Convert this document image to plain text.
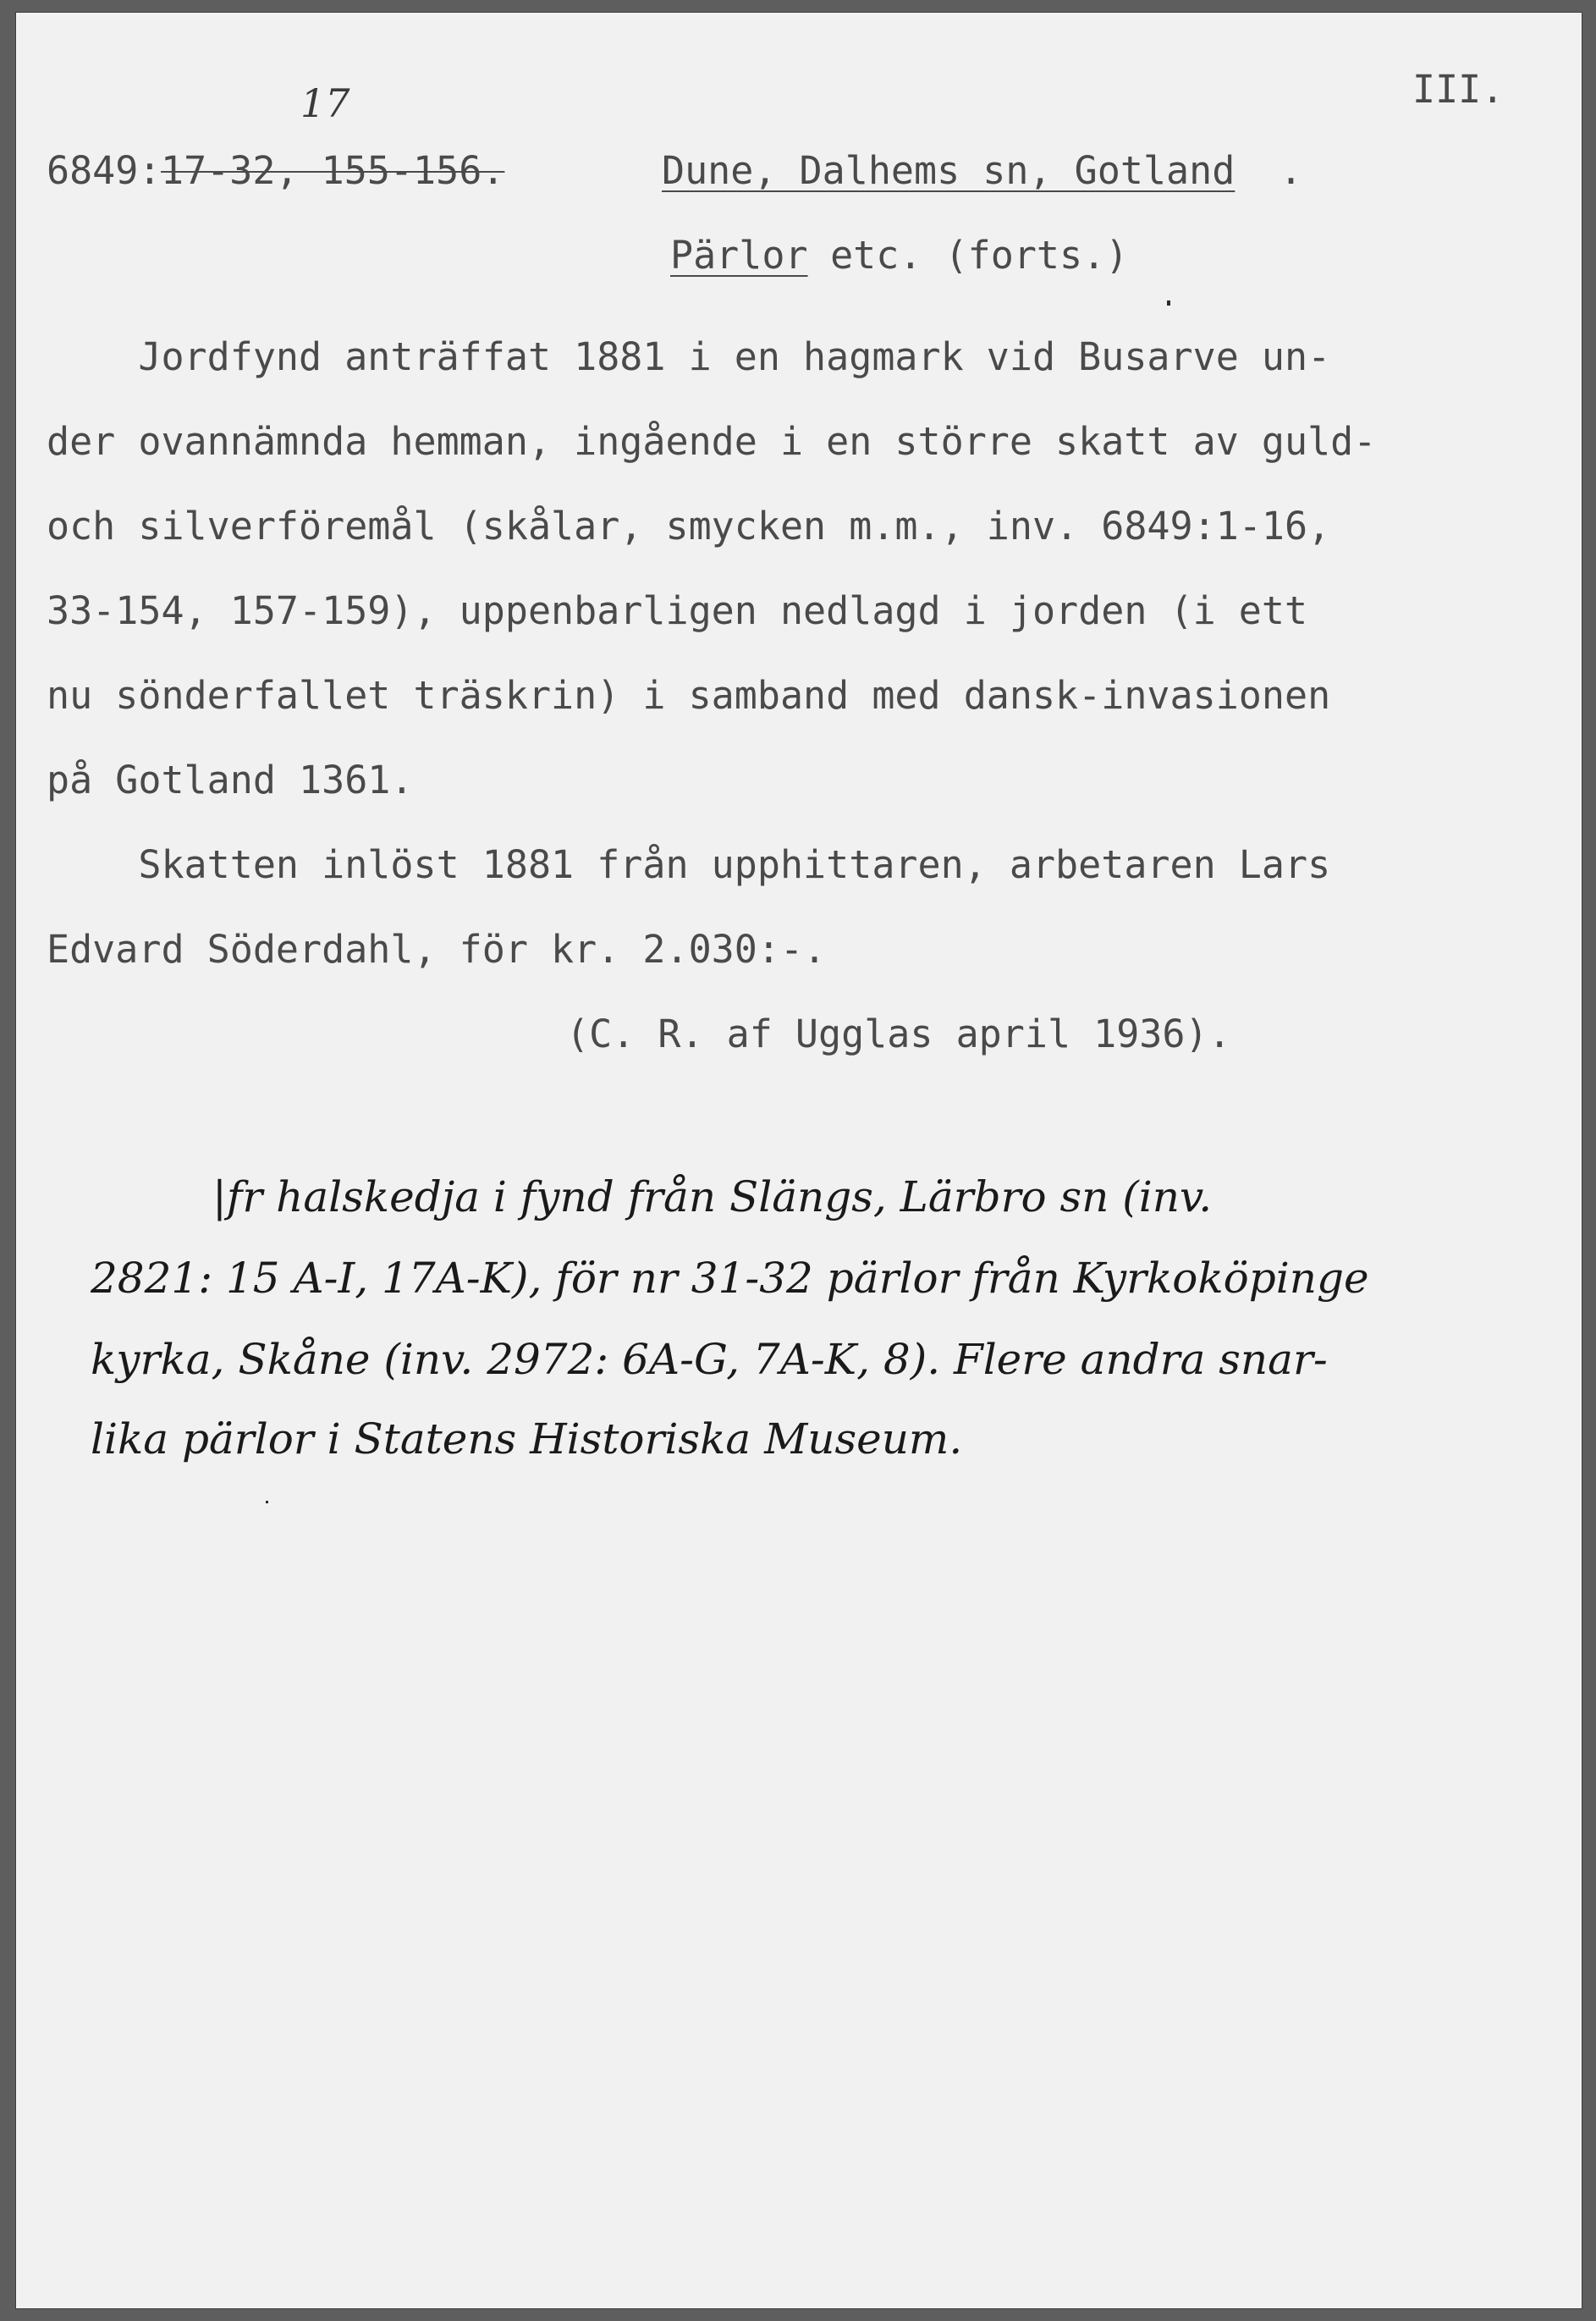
III.
17
6849: 17-32, 155-156.	Dune, Dalhems sn, Gotland .
Pärlor etc. (forts.)
Jordfynd anträffat 1881 i en hagmark vid Busarve un-
der ovannämnda hemman, ingående i en större skatt av guld-
och silverföremål (skålar, smycken m.m., inv. 6849:1-16,
33-154, 157-159), uppenbarligen nedlagd i jorden (i ett
nu sönderfallet träskrin) i samband med dansk-invasionen
på Gotland 1361.
Skatten inlöst 1881 från upphittaren, arbetaren Lars
Edvard Söderdahl, för kr. 2.030:-.
(C. R. af Ugglas april 1936).
|fr halskedja i fynd från Slängs, Lärbro sn (inv.
2821: 15 A-I, 17A-K), för nr 31-32 pärlor från Kyrkoköpinge
kyrka, Skåne (inv. 2972: 6A-G, 7A-K, 8). Flere andra snar-
lika pärlor i Statens Historiska Museum.
